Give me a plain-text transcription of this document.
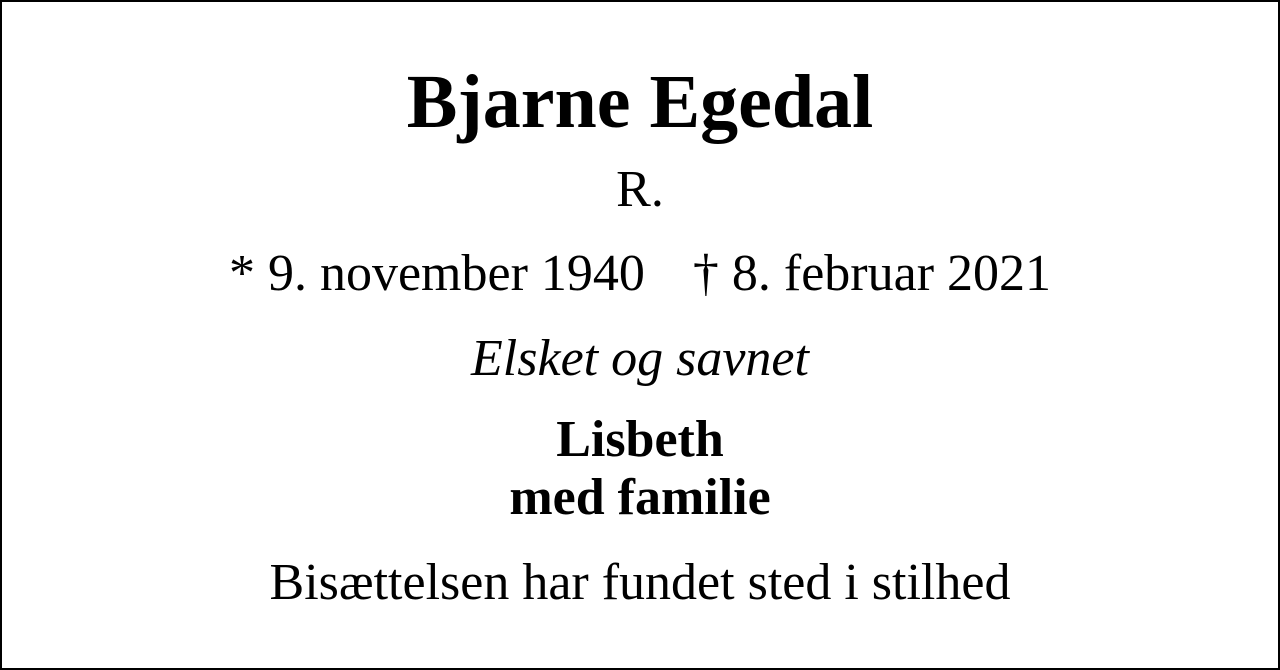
Bjarne Egedal
R.
* 9. november 1940 † 8. februar 2021
Elsket og savnet
Lisbeth
med familie
Bisættelsen har fundet sted i stilhed
